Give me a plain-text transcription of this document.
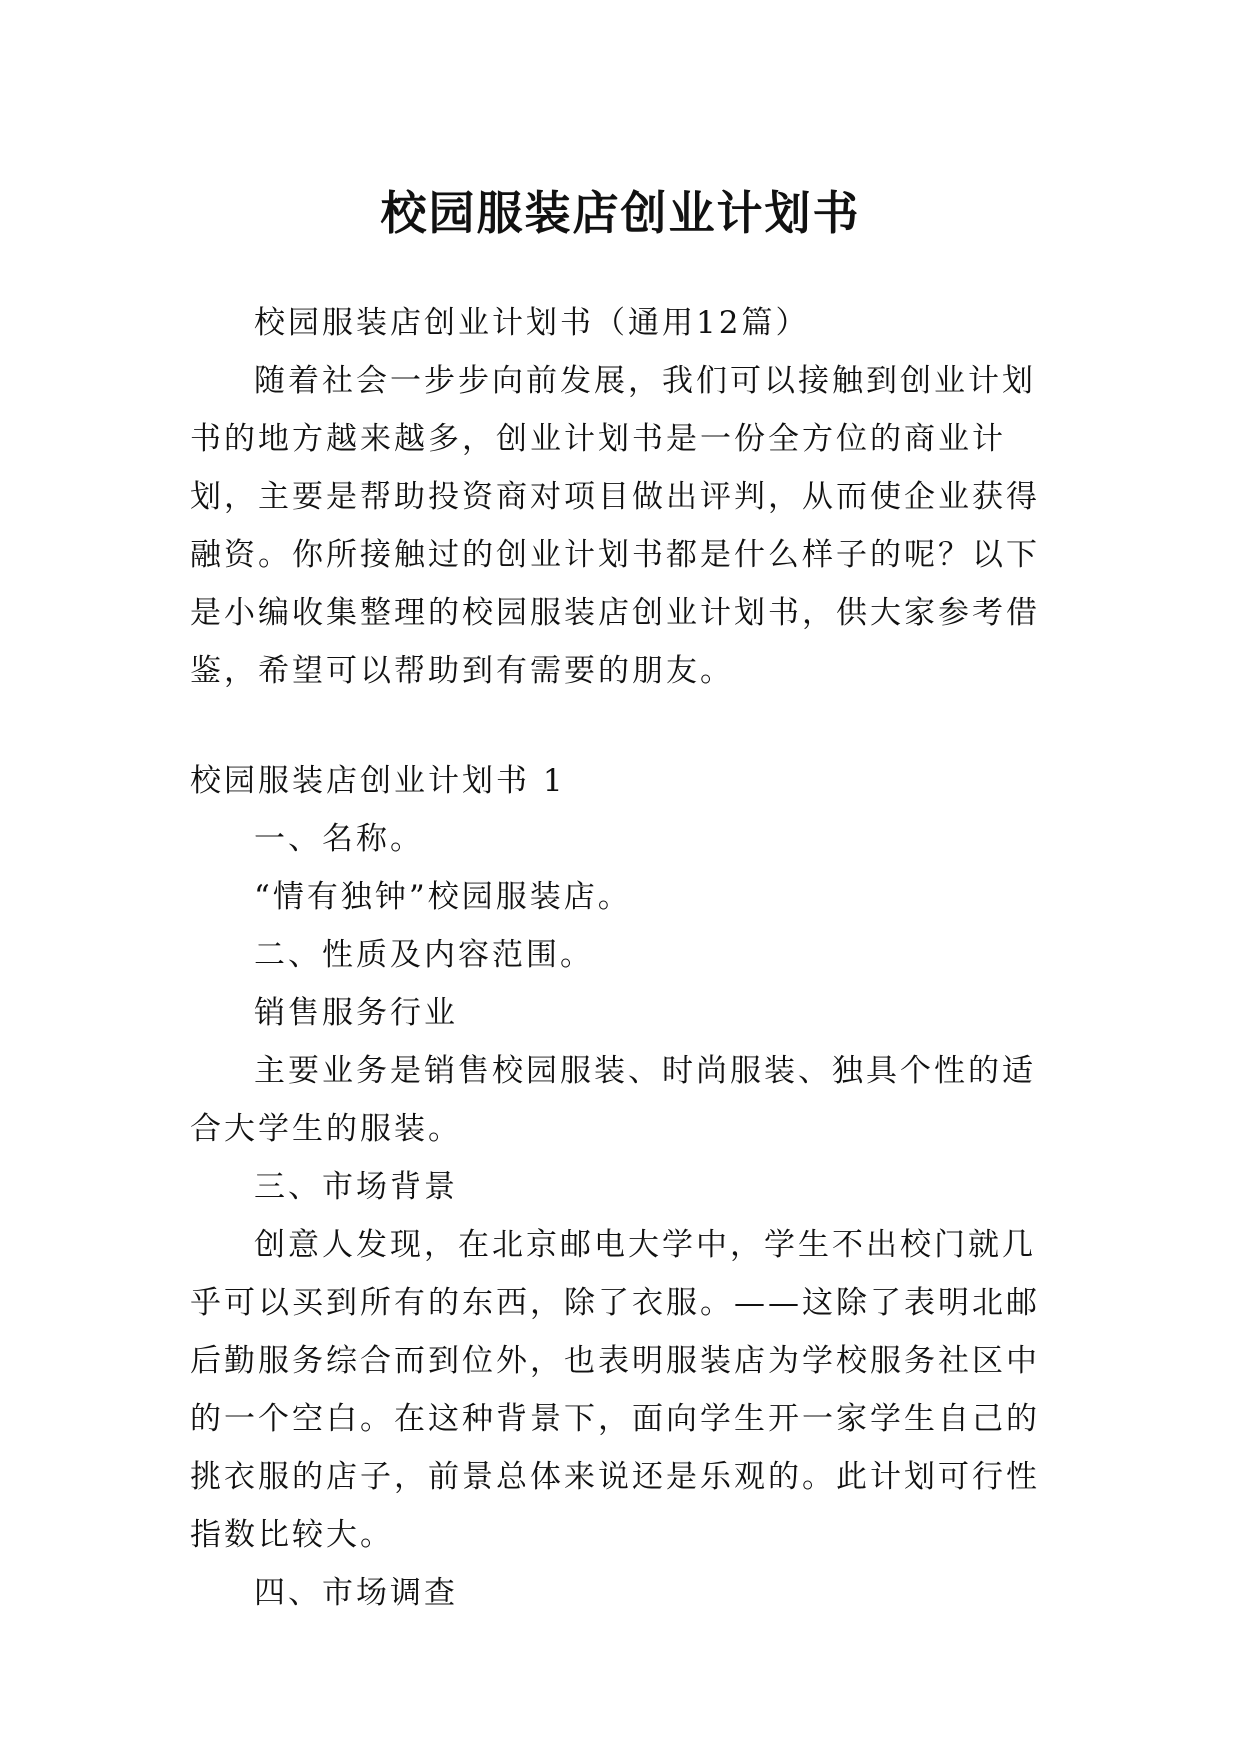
校园服装店创业计划书

校园服装店创业计划书（通用12篇）

随着社会一步步向前发展，我们可以接触到创业计划书的地方越来越多，创业计划书是一份全方位的商业计划，主要是帮助投资商对项目做出评判，从而使企业获得融资。你所接触过的创业计划书都是什么样子的呢？以下是小编收集整理的校园服装店创业计划书，供大家参考借鉴，希望可以帮助到有需要的朋友。

校园服装店创业计划书 1

一、名称。

“情有独钟”校园服装店。

二、性质及内容范围。

销售服务行业

主要业务是销售校园服装、时尚服装、独具个性的适合大学生的服装。

三、市场背景

创意人发现，在北京邮电大学中，学生不出校门就几乎可以买到所有的东西，除了衣服。——这除了表明北邮后勤服务综合而到位外，也表明服装店为学校服务社区中的一个空白。在这种背景下，面向学生开一家学生自己的挑衣服的店子，前景总体来说还是乐观的。此计划可行性指数比较大。

四、市场调查
